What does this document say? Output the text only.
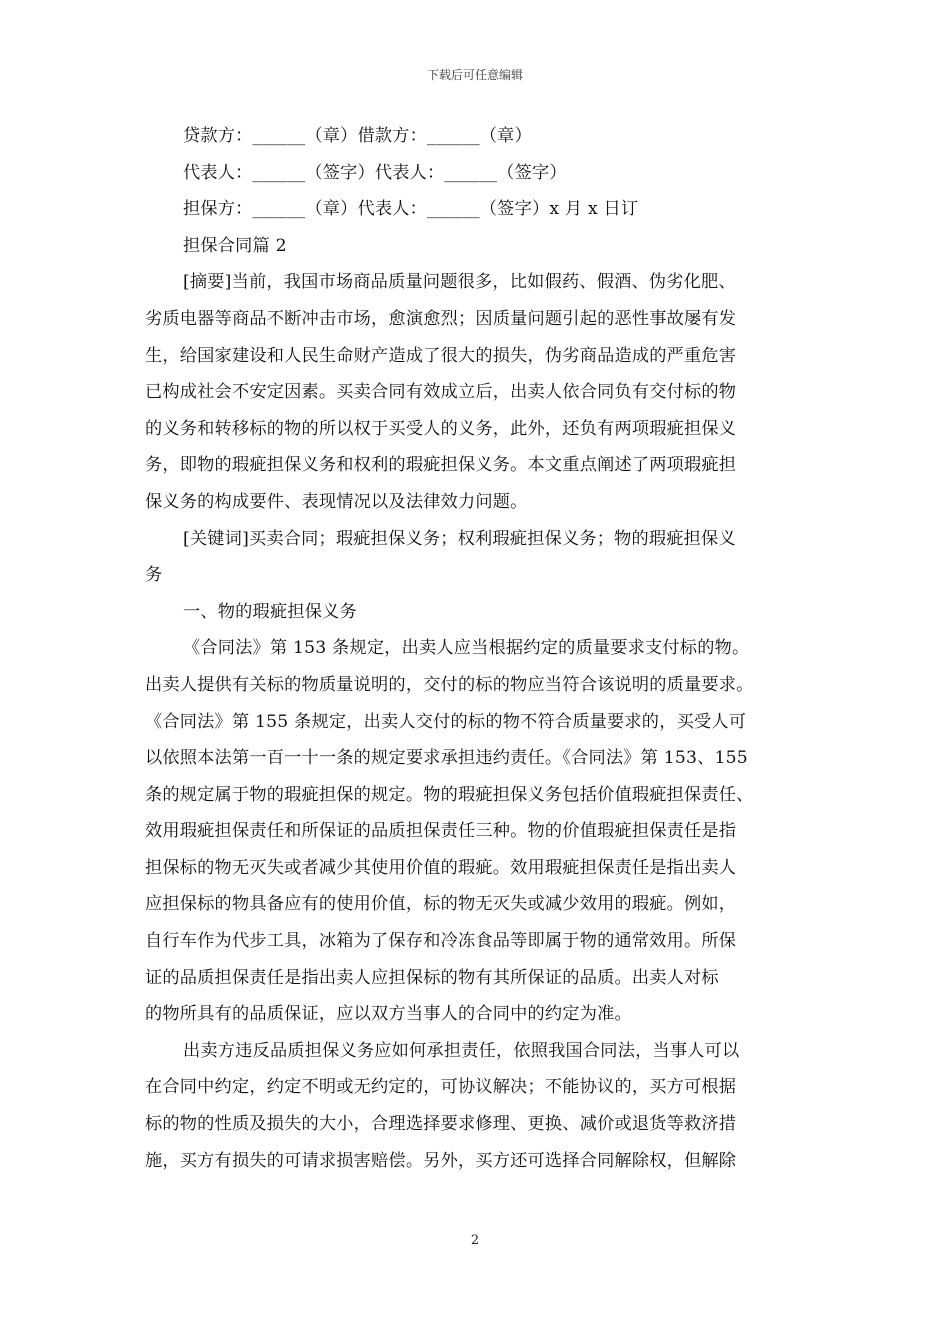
下载后可任意编辑
贷款方：______（章）借款方：______（章）
代表人：______（签字）代表人：______（签字）
担保方：______（章）代表人：______（签字）x 月 x 日订
担保合同篇 2
[摘要]当前，我国市场商品质量问题很多，比如假药、假酒、伪劣化肥、
劣质电器等商品不断冲击市场，愈演愈烈；因质量问题引起的恶性事故屡有发
生，给国家建设和人民生命财产造成了很大的损失，伪劣商品造成的严重危害
已构成社会不安定因素。买卖合同有效成立后，出卖人依合同负有交付标的物
的义务和转移标的物的所以权于买受人的义务，此外，还负有两项瑕疵担保义
务，即物的瑕疵担保义务和权利的瑕疵担保义务。本文重点阐述了两项瑕疵担
保义务的构成要件、表现情况以及法律效力问题。
[关键词]买卖合同；瑕疵担保义务；权利瑕疵担保义务；物的瑕疵担保义
务
一、物的瑕疵担保义务
《合同法》第 153 条规定，出卖人应当根据约定的质量要求支付标的物。
出卖人提供有关标的物质量说明的，交付的标的物应当符合该说明的质量要求。
《合同法》第 155 条规定，出卖人交付的标的物不符合质量要求的，买受人可
以依照本法第一百一十一条的规定要求承担违约责任。《合同法》第 153、155
条的规定属于物的瑕疵担保的规定。物的瑕疵担保义务包括价值瑕疵担保责任、
效用瑕疵担保责任和所保证的品质担保责任三种。物的价值瑕疵担保责任是指
担保标的物无灭失或者减少其使用价值的瑕疵。效用瑕疵担保责任是指出卖人
应担保标的物具备应有的使用价值，标的物无灭失或减少效用的瑕疵。例如，
自行车作为代步工具，冰箱为了保存和冷冻食品等即属于物的通常效用。所保
证的品质担保责任是指出卖人应担保标的物有其所保证的品质。出卖人对标
的物所具有的品质保证，应以双方当事人的合同中的约定为准。
出卖方违反品质担保义务应如何承担责任，依照我国合同法，当事人可以
在合同中约定，约定不明或无约定的，可协议解决；不能协议的，买方可根据
标的物的性质及损失的大小，合理选择要求修理、更换、减价或退货等救济措
施，买方有损失的可请求损害赔偿。另外，买方还可选择合同解除权，但解除
2
